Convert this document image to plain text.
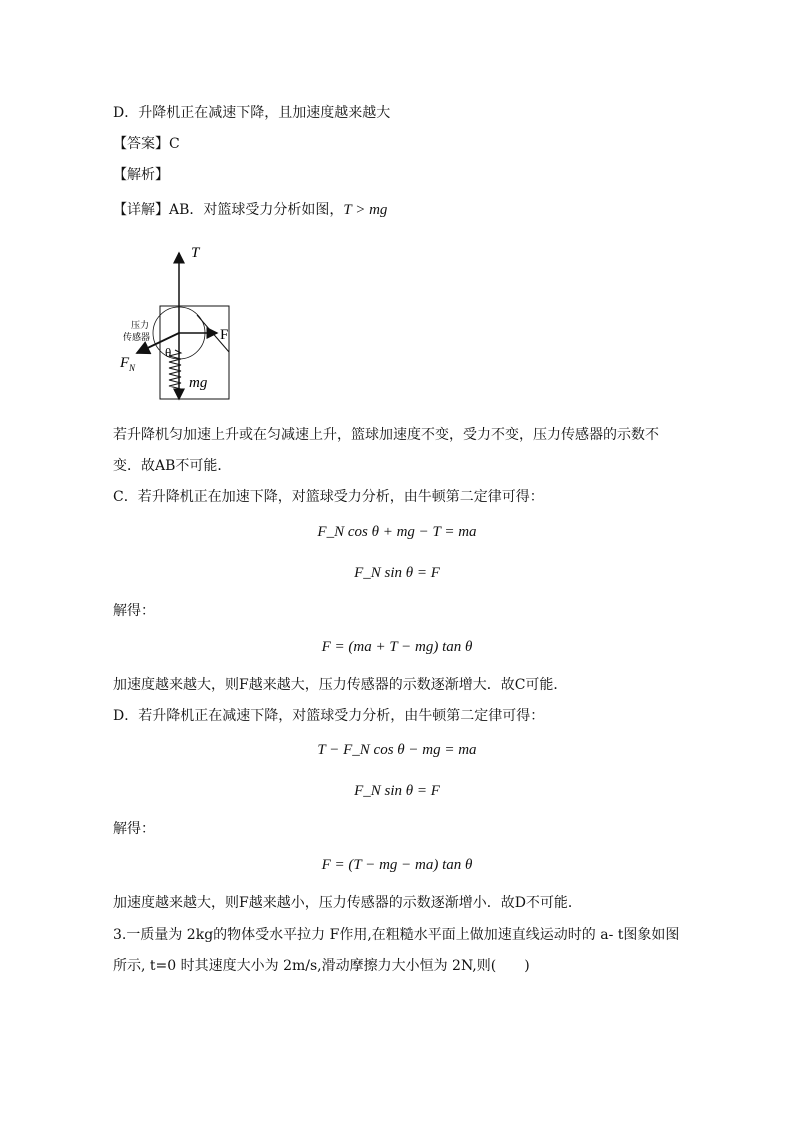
D．升降机正在减速下降，且加速度越来越大
【答案】C
【解析】
【详解】AB．对篮球受力分析如图，T > mg
T
F
压力
传感器
F N
θ
mg
若升降机匀加速上升或在匀减速上升，篮球加速度不变，受力不变，压力传感器的示数不
变．故AB不可能．
C．若升降机正在加速下降，对篮球受力分析，由牛顿第二定律可得：
F_N cos θ + mg − T = ma
F_N sin θ = F
解得：
F = (ma + T − mg) tan θ
加速度越来越大，则F越来越大，压力传感器的示数逐渐增大．故C可能．
D．若升降机正在减速下降，对篮球受力分析，由牛顿第二定律可得：
T − F_N cos θ − mg = ma
F_N sin θ = F
解得：
F = (T − mg − ma) tan θ
加速度越来越大，则F越来越小，压力传感器的示数逐渐增小．故D不可能．
3.一质量为 2kg的物体受水平拉力 F作用,在粗糙水平面上做加速直线运动时的 a- t图象如图
所示, t=0 时其速度大小为 2m/s,滑动摩擦力大小恒为 2N,则(　　)
